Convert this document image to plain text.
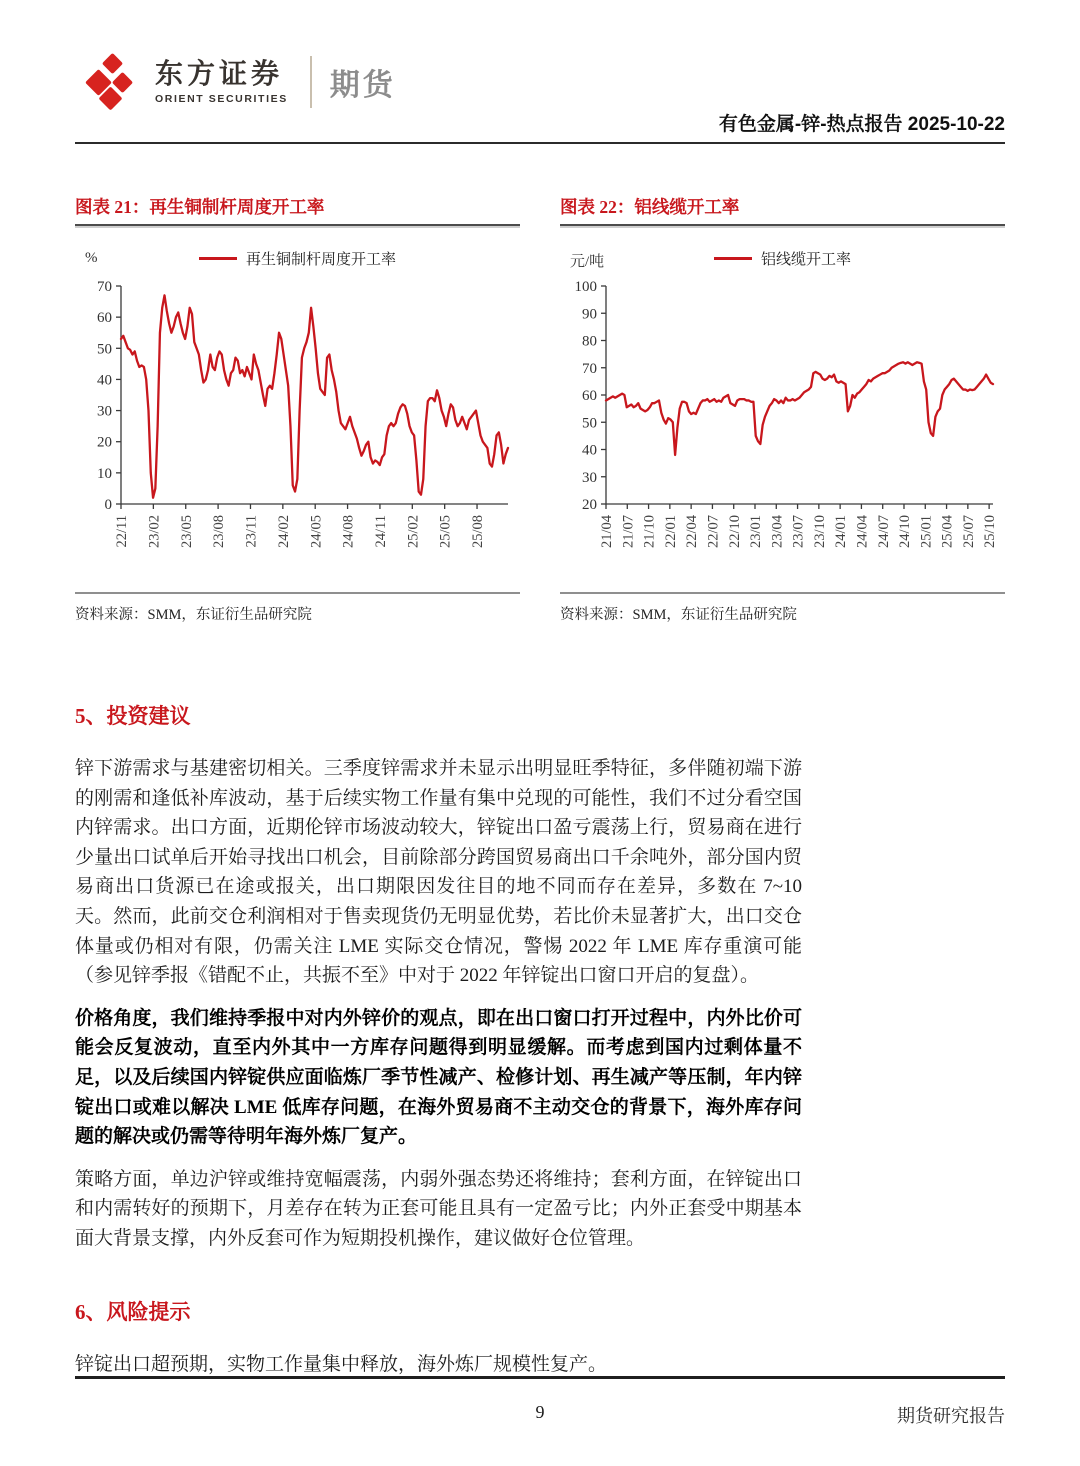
东方证券
ORIENT SECURITIES 期货
有色金属-锌-热点报告 2025-10-22
图表 21：再生铜制杆周度开工率
%	再生铜制杆周度开工率
0
10
20
30
40
50
60
70
22/11 23/02 23/05 23/08 23/11 24/02 24/05 24/08 24/11 25/02 25/05 25/08
资料来源：SMM，东证衍生品研究院
图表 22：铝线缆开工率
元/吨	铝线缆开工率
20
30
40
50
60
70
80
90
100
21/04 21/07 21/10 22/01 22/04 22/07 22/10 23/01 23/04 23/07 23/10 24/01 24/04 24/07 24/10 25/01 25/04 25/07 25/10
资料来源：SMM，东证衍生品研究院
5、投资建议

锌下游需求与基建密切相关。三季度锌需求并未显示出明显旺季特征，多伴随初端下游的刚需和逢低补库波动，基于后续实物工作量有集中兑现的可能性，我们不过分看空国内锌需求。出口方面，近期伦锌市场波动较大，锌锭出口盈亏震荡上行，贸易商在进行少量出口试单后开始寻找出口机会，目前除部分跨国贸易商出口千余吨外，部分国内贸易商出口货源已在途或报关，出口期限因发往目的地不同而存在差异，多数在 7~10 天。然而，此前交仓利润相对于售卖现货仍无明显优势，若比价未显著扩大，出口交仓体量或仍相对有限，仍需关注 LME 实际交仓情况，警惕 2022 年 LME 库存重演可能（参见锌季报《错配不止，共振不至》中对于 2022 年锌锭出口窗口开启的复盘）。

价格角度，我们维持季报中对内外锌价的观点，即在出口窗口打开过程中，内外比价可能会反复波动，直至内外其中一方库存问题得到明显缓解。而考虑到国内过剩体量不足，以及后续国内锌锭供应面临炼厂季节性减产、检修计划、再生减产等压制，年内锌锭出口或难以解决 LME 低库存问题，在海外贸易商不主动交仓的背景下，海外库存问题的解决或仍需等待明年海外炼厂复产。

策略方面，单边沪锌或维持宽幅震荡，内弱外强态势还将维持；套利方面，在锌锭出口和内需转好的预期下，月差存在转为正套可能且具有一定盈亏比；内外正套受中期基本面大背景支撑，内外反套可作为短期投机操作，建议做好仓位管理。

6、风险提示

锌锭出口超预期，实物工作量集中释放，海外炼厂规模性复产。

9	期货研究报告
